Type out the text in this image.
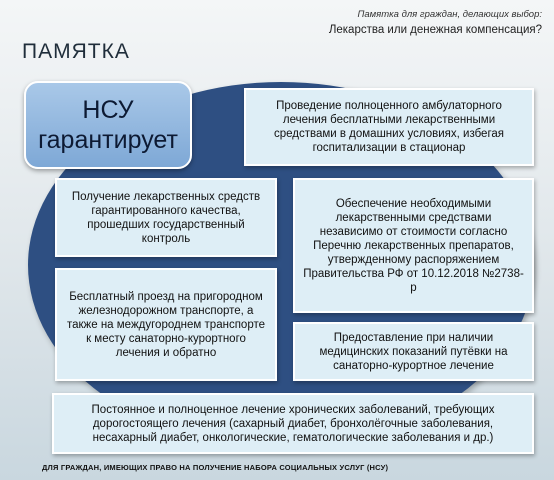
Памятка для граждан, делающих выбор:
Лекарства или денежная компенсация?
ПАМЯТКА
НСУ
гарантирует
Проведение полноценного амбулаторного лечения бесплатными лекарственными средствами в домашних условиях, избегая госпитализации в стационар
Получение лекарственных средств гарантированного качества, прошедших государственный контроль
Обеспечение необходимыми лекарственными средствами независимо от стоимости согласно Перечню лекарственных препаратов, утвержденному распоряжением Правительства РФ от 10.12.2018 №2738-р
Бесплатный проезд на пригородном железнодорожном транспорте, а также на междугороднем транспорте к месту санаторно-курортного лечения и обратно
Предоставление при наличии медицинских показаний путёвки на санаторно-курортное лечение
Постоянное и полноценное лечение хронических заболеваний, требующих дорогостоящего лечения (сахарный диабет, бронхолёгочные заболевания, несахарный диабет, онкологические, гематологические заболевания и др.)
ДЛЯ ГРАЖДАН, ИМЕЮЩИХ ПРАВО НА ПОЛУЧЕНИЕ НАБОРА СОЦИАЛЬНЫХ УСЛУГ (НСУ)
